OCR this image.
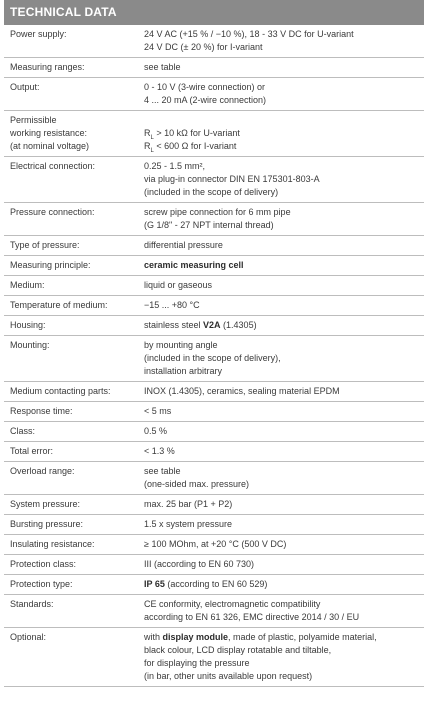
TECHNICAL DATA
Power supply:	24 V AC (+15 % / −10 %), 18 - 33 V DC for U-variant
24 V DC (± 20 %) for I-variant

Measuring ranges:	see table

Output:	0 - 10 V (3-wire connection) or
4 ... 20 mA (2-wire connection)

Permissible
working resistance:
(at nominal voltage)	$R_L > 10$ kΩ for U-variant
$R_L < 600$ Ω for I-variant

Electrical connection:	0.25 - 1.5 mm²,
via plug-in connector DIN EN 175301-803-A
(included in the scope of delivery)

Pressure connection:	screw pipe connection for 6 mm pipe
(G 1/8" - 27 NPT internal thread)

Type of pressure:	differential pressure

Measuring principle:	ceramic measuring cell

Medium:	liquid or gaseous

Temperature of medium:	−15 ... +80 °C

Housing:	stainless steel V2A (1.4305)

Mounting:	by mounting angle
(included in the scope of delivery),
installation arbitrary

Medium contacting parts:	INOX (1.4305), ceramics, sealing material EPDM

Response time:	< 5 ms

Class:	0.5 %

Total error:	< 1.3 %

Overload range:	see table
(one-sided max. pressure)

System pressure:	max. 25 bar (P1 + P2)

Bursting pressure:	1.5 x system pressure

Insulating resistance:	≥ 100 MOhm, at +20 °C (500 V DC)

Protection class:	III (according to EN 60 730)

Protection type:	IP 65 (according to EN 60 529)

Standards:	CE conformity, electromagnetic compatibility
according to EN 61 326, EMC directive 2014 / 30 / EU

Optional:	with display module, made of plastic, polyamide material,
black colour, LCD display rotatable and tiltable,
for displaying the pressure
(in bar, other units available upon request)
